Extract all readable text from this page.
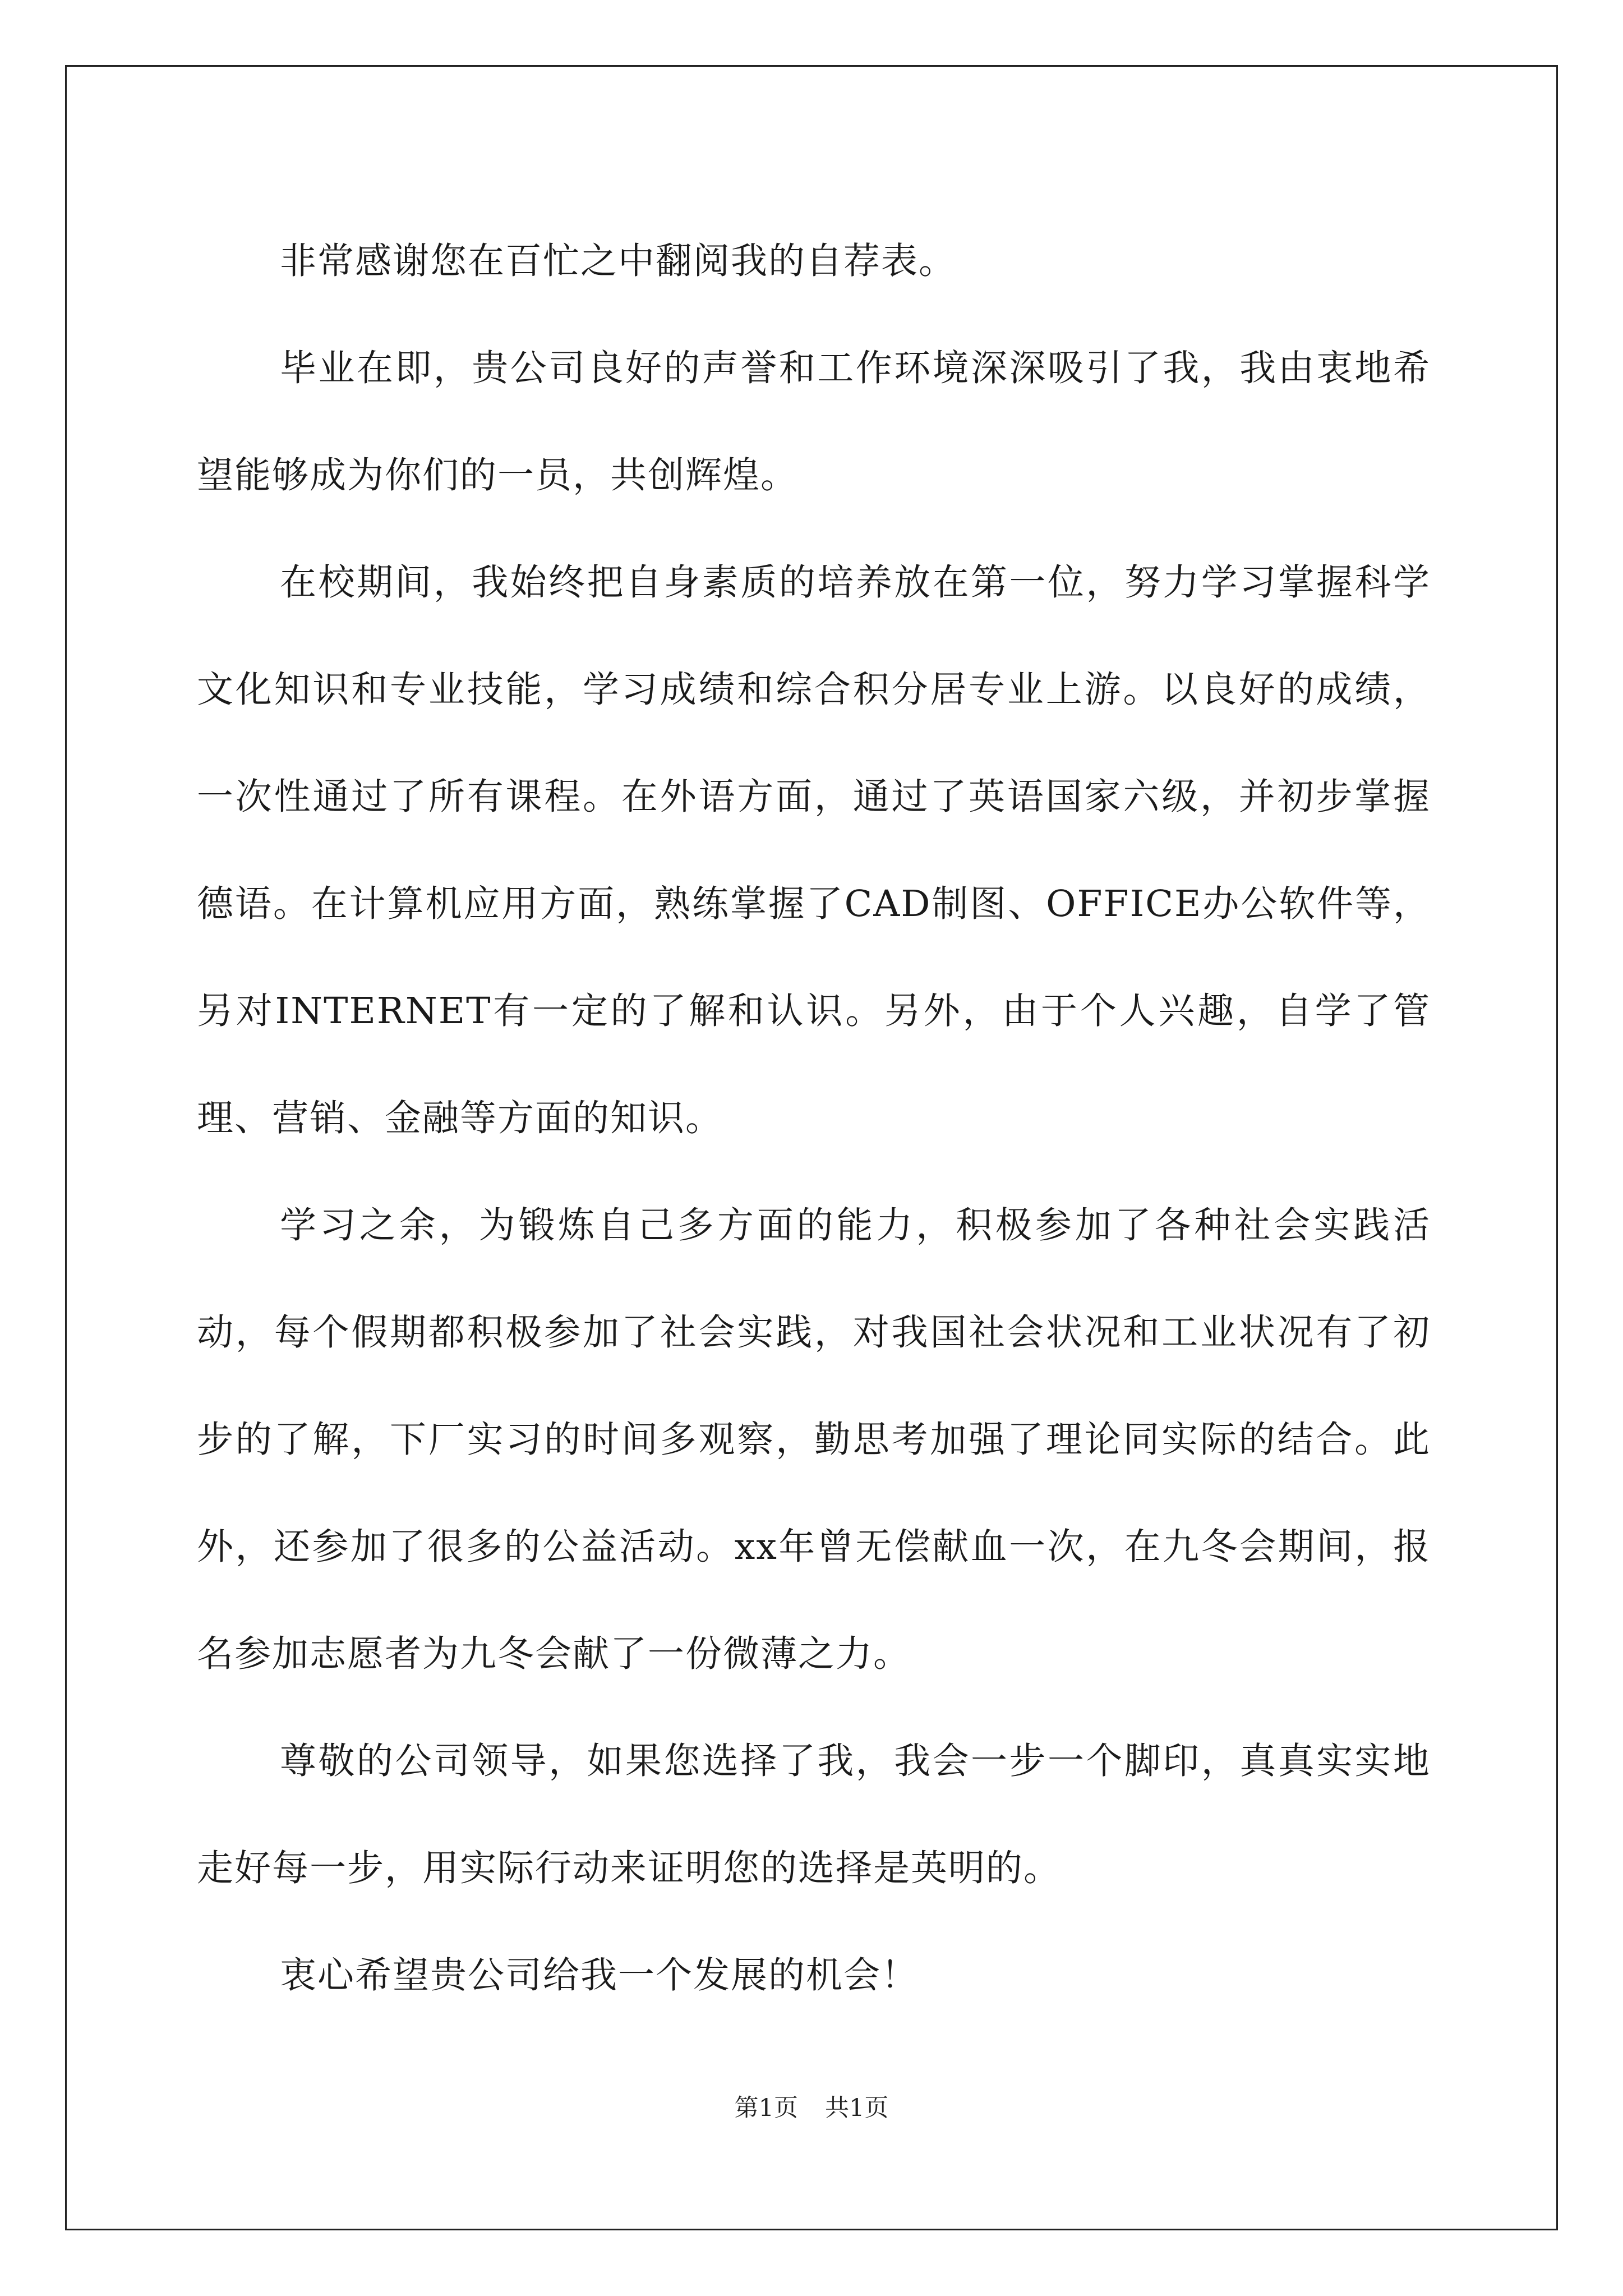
非常感谢您在百忙之中翻阅我的自荐表。

毕业在即，贵公司良好的声誉和工作环境深深吸引了我，我由衷地希望能够成为你们的一员，共创辉煌。

在校期间，我始终把自身素质的培养放在第一位，努力学习掌握科学文化知识和专业技能，学习成绩和综合积分居专业上游。以良好的成绩，一次性通过了所有课程。在外语方面，通过了英语国家六级，并初步掌握德语。在计算机应用方面，熟练掌握了CAD制图、OFFICE办公软件等，另对INTERNET有一定的了解和认识。另外，由于个人兴趣，自学了管理、营销、金融等方面的知识。

学习之余，为锻炼自己多方面的能力，积极参加了各种社会实践活动，每个假期都积极参加了社会实践，对我国社会状况和工业状况有了初步的了解，下厂实习的时间多观察，勤思考加强了理论同实际的结合。此外，还参加了很多的公益活动。xx年曾无偿献血一次，在九冬会期间，报名参加志愿者为九冬会献了一份微薄之力。

尊敬的公司领导，如果您选择了我，我会一步一个脚印，真真实实地走好每一步，用实际行动来证明您的选择是英明的。

衷心希望贵公司给我一个发展的机会！

第1页 共1页
